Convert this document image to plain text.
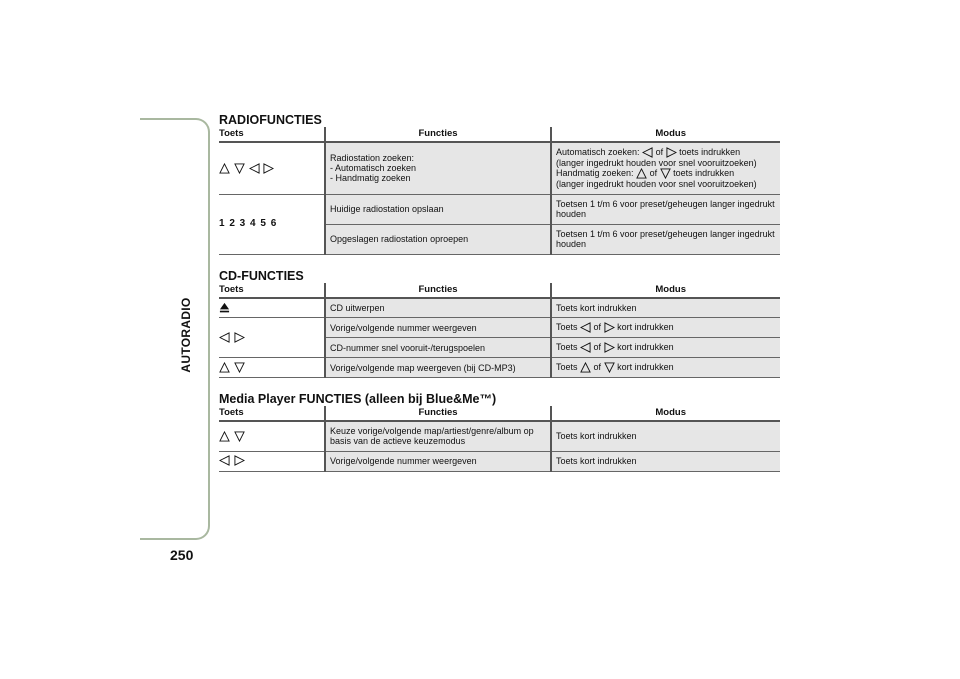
AUTORADIO
250
RADIOFUNCTIES
Toets	Functies	Modus

Radiostation zoeken:
- Automatisch zoeken
- Handmatig zoeken	Automatisch zoeken: of toets indrukken
(langer ingedrukt houden voor snel vooruitzoeken)
Handmatig zoeken: of toets indrukken
(langer ingedrukt houden voor snel vooruitzoeken)

1 2 3 4 5 6	Huidige radiostation opslaan	Toetsen 1 t/m 6 voor preset/geheugen langer ingedrukt
houden

	Opgeslagen radiostation oproepen	Toetsen 1 t/m 6 voor preset/geheugen langer ingedrukt
houden
CD-FUNCTIES
Toets	Functies	Modus
	CD uitwerpen	Toets kort indrukken
	Vorige/volgende nummer weergeven	Toets of kort indrukken
	CD-nummer snel vooruit-/terugspoelen	Toets of kort indrukken
	Vorige/volgende map weergeven (bij CD-MP3)	Toets of kort indrukken
Media Player FUNCTIES (alleen bij Blue&Me™)
Toets	Functies	Modus

Keuze vorige/volgende map/artiest/genre/album op
basis van de actieve keuzemodus	Toets kort indrukken
	Vorige/volgende nummer weergeven	Toets kort indrukken
